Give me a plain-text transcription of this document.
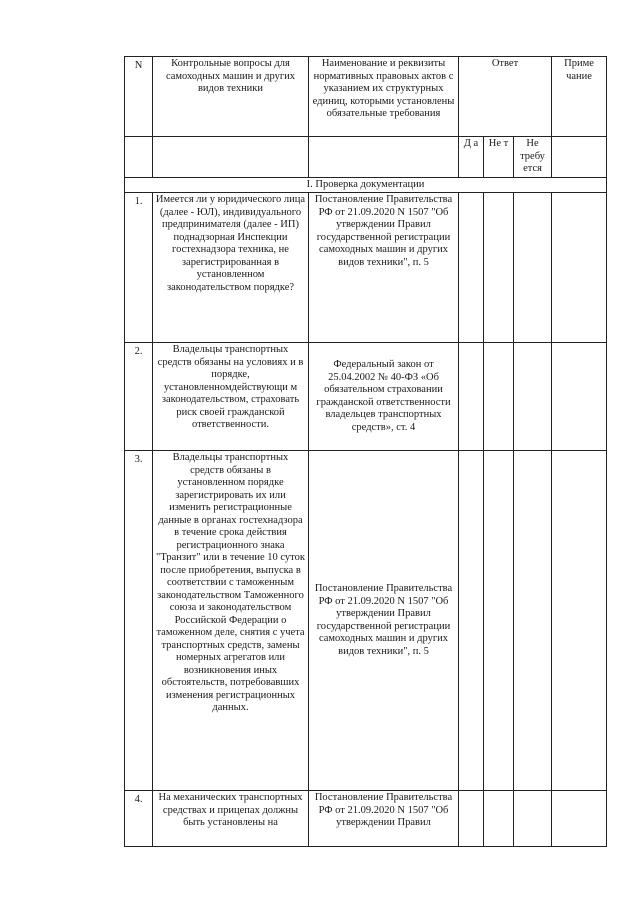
N	Контрольные вопросы для самоходных машин и других видов техники	Наименование и реквизиты нормативных правовых актов с указанием их структурных единиц, которыми установлены обязательные требования	Ответ			Приме чание
			Д а	Не т	Не требу ется	
I. Проверка документации						
1.	Имеется ли у юридического лица (далее - ЮЛ), индивидуального предпринимателя (далее - ИП) поднадзорная Инспекции гостехнадзора техника, не зарегистрированная в установленном законодательством порядке?	Постановление Правительства РФ от 21.09.2020 N 1507 "Об утверждении Правил государственной регистрации самоходных машин и других видов техники", п. 5				
2.	Владельцы транспортных средств обязаны на условиях и в порядке, установленномдействующи м законодательством, страховать риск своей гражданской ответственности.	Федеральный закон от 25.04.2002 № 40-ФЗ «Об обязательном страховании гражданской ответственности владельцев транспортных средств», ст. 4				
3.	Владельцы транспортных средств обязаны в установленном порядке зарегистрировать их или изменить регистрационные данные в органах гостехнадзора в течение срока действия регистрационного знака "Транзит" или в течение 10 суток после приобретения, выпуска в соответствии с таможенным законодательством Таможенного союза и законодательством Российской Федерации о таможенном деле, снятия с учета транспортных средств, замены номерных агрегатов или возникновения иных обстоятельств, потребовавших изменения регистрационных данных.	Постановление Правительства РФ от 21.09.2020 N 1507 "Об утверждении Правил государственной регистрации самоходных машин и других видов техники", п. 5				
4.	На механических транспортных средствах и прицепах должны быть установлены на	Постановление Правительства РФ от 21.09.2020 N 1507 "Об утверждении Правил				
